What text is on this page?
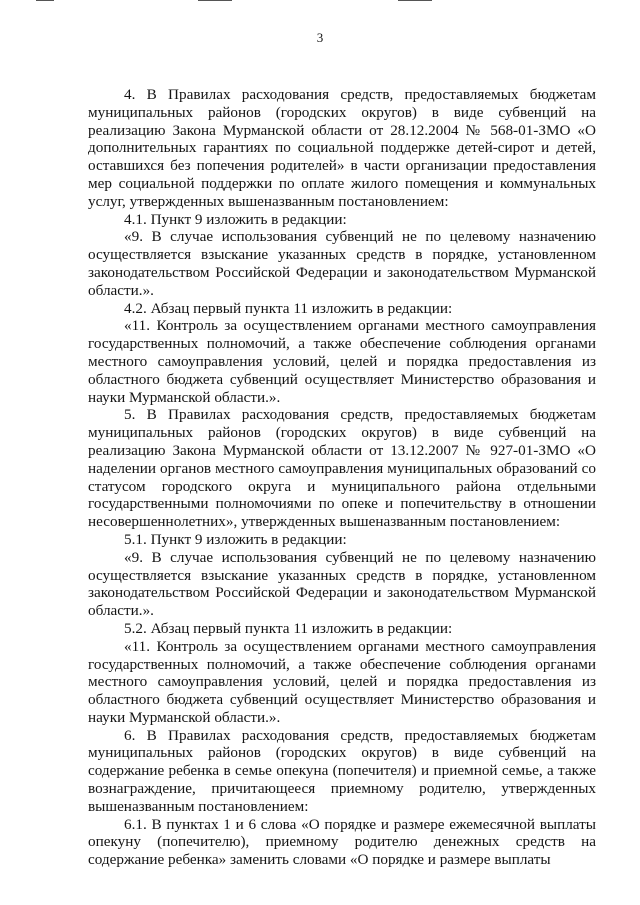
3

4. В Правилах расходования средств, предоставляемых бюджетам муниципальных районов (городских округов) в виде субвенций на реализацию Закона Мурманской области от 28.12.2004 № 568-01-ЗМО «О дополнительных гарантиях по социальной поддержке детей-сирот и детей, оставшихся без попечения родителей» в части организации предоставления мер социальной поддержки по оплате жилого помещения и коммунальных услуг, утвержденных вышеназванным постановлением:

4.1. Пункт 9 изложить в редакции:

«9. В случае использования субвенций не по целевому назначению осуществляется взыскание указанных средств в порядке, установленном законодательством Российской Федерации и законодательством Мурманской области.».

4.2. Абзац первый пункта 11 изложить в редакции:

«11. Контроль за осуществлением органами местного самоуправления государственных полномочий, а также обеспечение соблюдения органами местного самоуправления условий, целей и порядка предоставления из областного бюджета субвенций осуществляет Министерство образования и науки Мурманской области.».

5. В Правилах расходования средств, предоставляемых бюджетам муниципальных районов (городских округов) в виде субвенций на реализацию Закона Мурманской области от 13.12.2007 № 927-01-ЗМО «О наделении органов местного самоуправления муниципальных образований со статусом городского округа и муниципального района отдельными государственными полномочиями по опеке и попечительству в отношении несовершеннолетних», утвержденных вышеназванным постановлением:

5.1. Пункт 9 изложить в редакции:

«9. В случае использования субвенций не по целевому назначению осуществляется взыскание указанных средств в порядке, установленном законодательством Российской Федерации и законодательством Мурманской области.».

5.2. Абзац первый пункта 11 изложить в редакции:

«11. Контроль за осуществлением органами местного самоуправления государственных полномочий, а также обеспечение соблюдения органами местного самоуправления условий, целей и порядка предоставления из областного бюджета субвенций осуществляет Министерство образования и науки Мурманской области.».

6. В Правилах расходования средств, предоставляемых бюджетам муниципальных районов (городских округов) в виде субвенций на содержание ребенка в семье опекуна (попечителя) и приемной семье, а также вознаграждение, причитающееся приемному родителю, утвержденных вышеназванным постановлением:

6.1. В пунктах 1 и 6 слова «О порядке и размере ежемесячной выплаты опекуну (попечителю), приемному родителю денежных средств на содержание ребенка» заменить словами «О порядке и размере выплаты
